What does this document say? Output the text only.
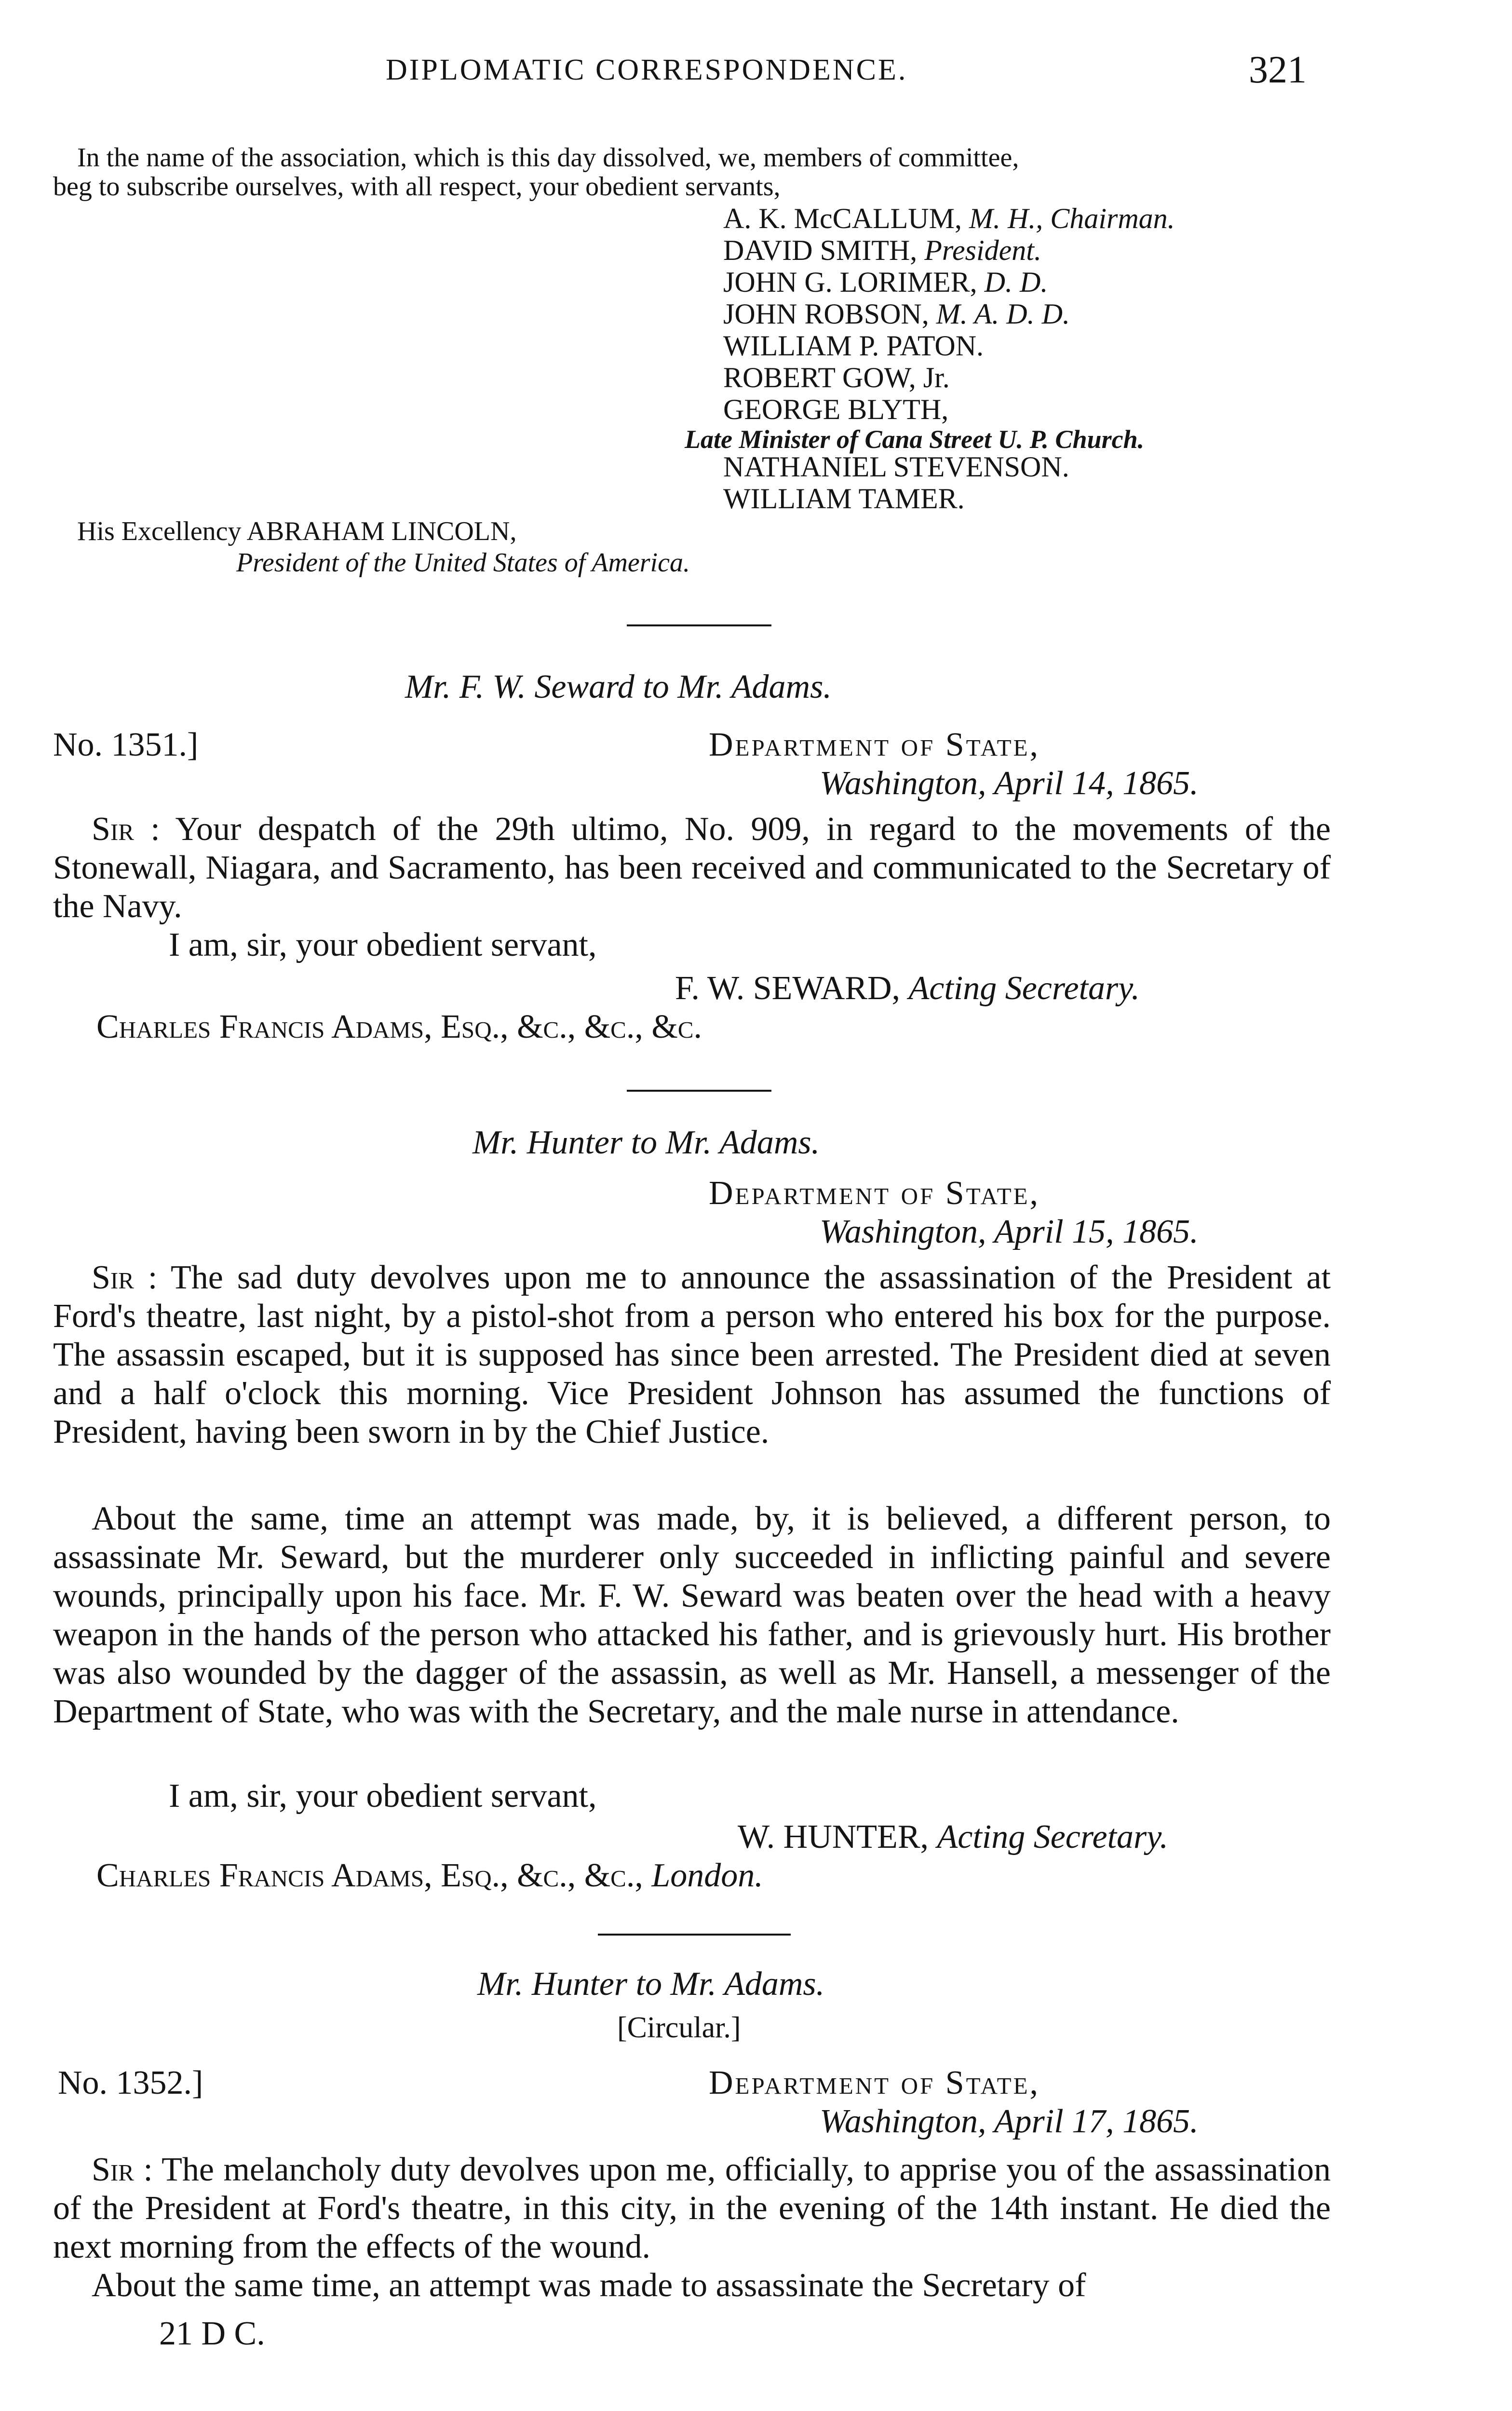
DIPLOMATIC CORRESPONDENCE.	321
In the name of the association, which is this day dissolved, we, members of committee,
beg to subscribe ourselves, with all respect, your obedient servants,
A. K. McCALLUM, M. H., Chairman.
DAVID SMITH, President.
JOHN G. LORIMER, D. D.
JOHN ROBSON, M. A. D. D.
WILLIAM P. PATON.
ROBERT GOW, Jr.
GEORGE BLYTH,
Late Minister of Cana Street U. P. Church.
NATHANIEL STEVENSON.
WILLIAM TAMER.
His Excellency ABRAHAM LINCOLN,
President of the United States of America.
Mr. F. W. Seward to Mr. Adams.
No. 1351.]	Department of State,
Washington, April 14, 1865.
Sir : Your despatch of the 29th ultimo, No. 909, in regard to the movements of the Stonewall, Niagara, and Sacramento, has been received and communicated to the Secretary of the Navy.
I am, sir, your obedient servant,
F. W. SEWARD, Acting Secretary.
Charles Francis Adams, Esq., &c., &c., &c.
Mr. Hunter to Mr. Adams.
Department of State,
Washington, April 15, 1865.
Sir : The sad duty devolves upon me to announce the assassination of the President at Ford's theatre, last night, by a pistol-shot from a person who entered his box for the purpose. The assassin escaped, but it is supposed has since been arrested. The President died at seven and a half o'clock this morning. Vice President Johnson has assumed the functions of President, having been sworn in by the Chief Justice.
About the same, time an attempt was made, by, it is believed, a different person, to assassinate Mr. Seward, but the murderer only succeeded in inflicting painful and severe wounds, principally upon his face. Mr. F. W. Seward was beaten over the head with a heavy weapon in the hands of the person who attacked his father, and is grievously hurt. His brother was also wounded by the dagger of the assassin, as well as Mr. Hansell, a messenger of the Department of State, who was with the Secretary, and the male nurse in attendance.
I am, sir, your obedient servant,
W. HUNTER, Acting Secretary.
Charles Francis Adams, Esq., &c., &c., London.
Mr. Hunter to Mr. Adams.
[Circular.]
No. 1352.]	Department of State,
Washington, April 17, 1865.
Sir : The melancholy duty devolves upon me, officially, to apprise you of the assassination of the President at Ford's theatre, in this city, in the evening of the 14th instant. He died the next morning from the effects of the wound.
About the same time, an attempt was made to assassinate the Secretary of
21 D C.
